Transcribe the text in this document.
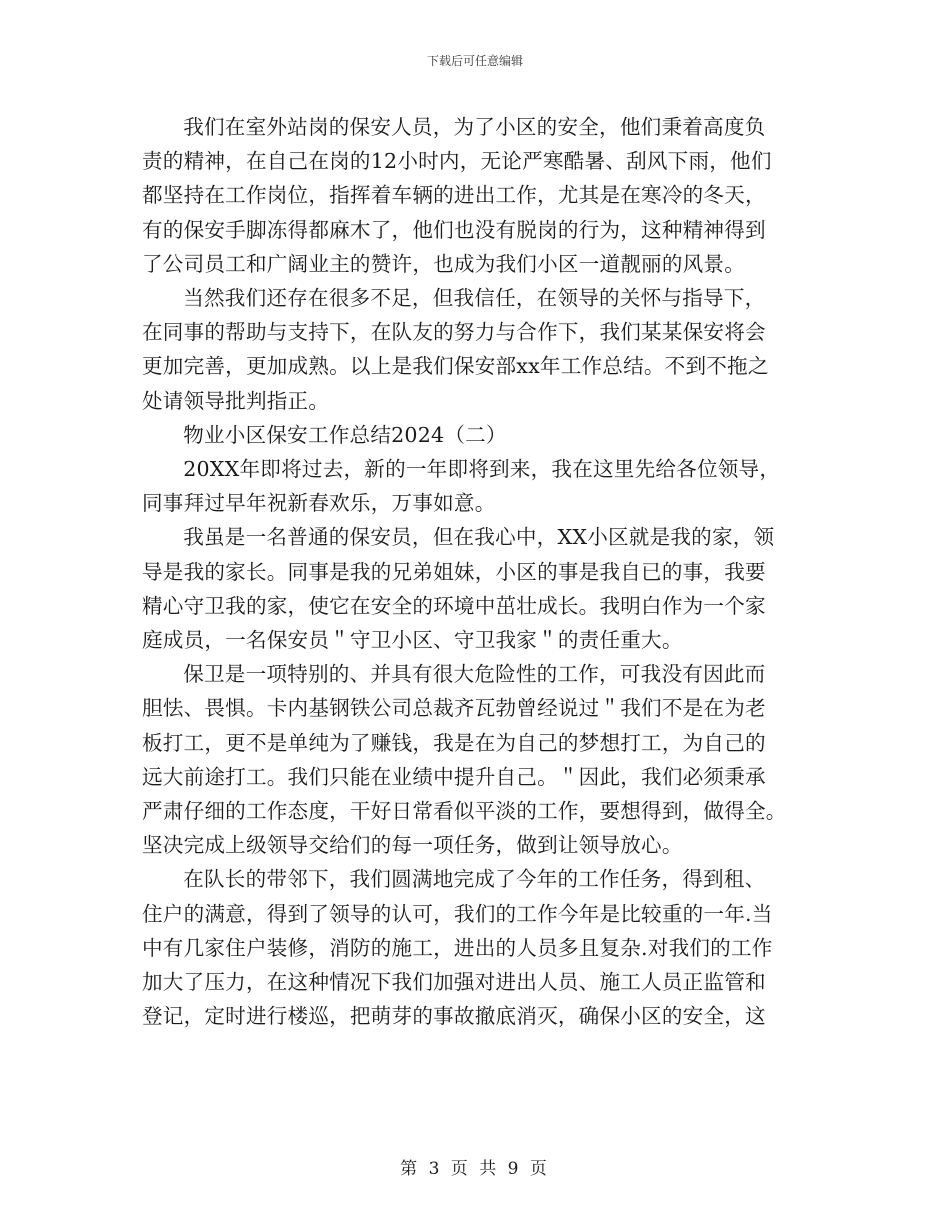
下载后可任意编辑

我们在室外站岗的保安人员，为了小区的安全，他们秉着高度负
责的精神，在自己在岗的12小时内，无论严寒酷暑、刮风下雨，他们
都坚持在工作岗位，指挥着车辆的进出工作，尤其是在寒冷的冬天，
有的保安手脚冻得都麻木了，他们也没有脱岗的行为，这种精神得到
了公司员工和广阔业主的赞许，也成为我们小区一道靓丽的风景。

当然我们还存在很多不足，但我信任，在领导的关怀与指导下，
在同事的帮助与支持下，在队友的努力与合作下，我们某某保安将会
更加完善，更加成熟。以上是我们保安部xx年工作总结。不到不拖之
处请领导批判指正。

物业小区保安工作总结2024（二）

20XX年即将过去，新的一年即将到来，我在这里先给各位领导，
同事拜过早年祝新春欢乐，万事如意。

我虽是一名普通的保安员，但在我心中，XX小区就是我的家，领
导是我的家长。同事是我的兄弟姐妹，小区的事是我自已的事，我要
精心守卫我的家，使它在安全的环境中茁壮成长。我明白作为一个家
庭成员，一名保安员＂守卫小区、守卫我家＂的责任重大。

保卫是一项特别的、并具有很大危险性的工作，可我没有因此而
胆怯、畏惧。卡内基钢铁公司总裁齐瓦勃曾经说过＂我们不是在为老
板打工，更不是单纯为了赚钱，我是在为自己的梦想打工，为自己的
远大前途打工。我们只能在业绩中提升自己。＂因此，我们必须秉承
严肃仔细的工作态度，干好日常看似平淡的工作，要想得到，做得全。
坚决完成上级领导交给们的每一项任务，做到让领导放心。

在队长的带邻下，我们圆满地完成了今年的工作任务，得到租、
住户的满意，得到了领导的认可，我们的工作今年是比较重的一年.当
中有几家住户装修，消防的施工，进出的人员多且复杂.对我们的工作
加大了压力，在这种情况下我们加强对进出人员、施工人员正监管和
登记，定时进行楼巡，把萌芽的事故撤底消灭，确保小区的安全，这

第 3 页 共 9 页
